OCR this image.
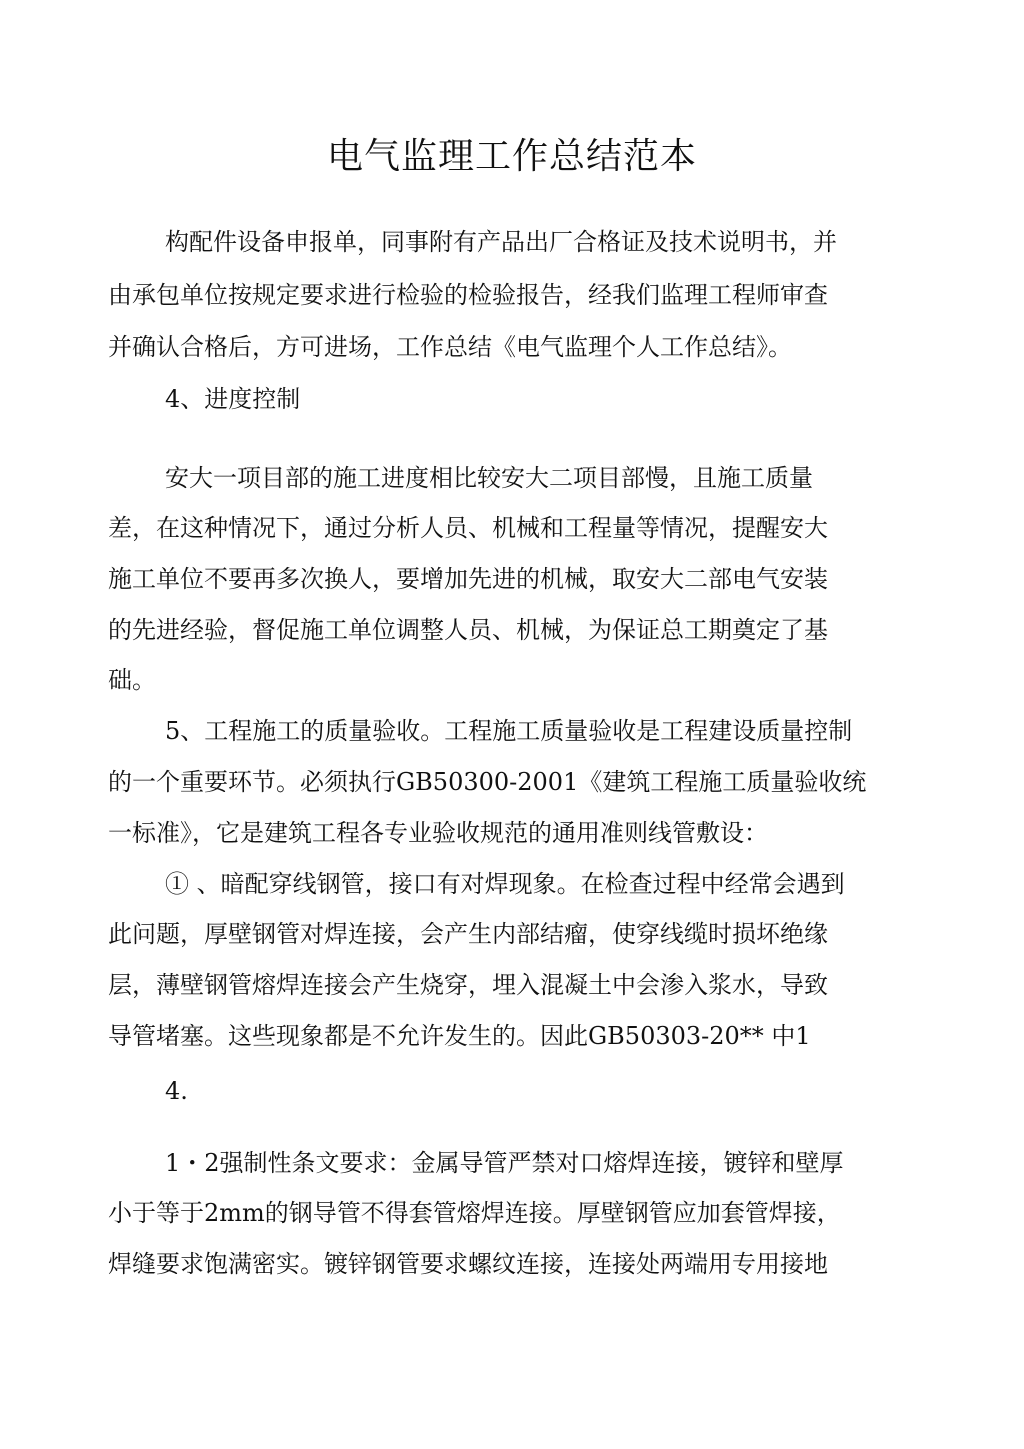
电气监理工作总结范本
构配件设备申报单，同事附有产品出厂合格证及技术说明书，并
由承包单位按规定要求进行检验的检验报告，经我们监理工程师审查
并确认合格后，方可进场，工作总结《电气监理个人工作总结》。
4、进度控制
安大一项目部的施工进度相比较安大二项目部慢，且施工质量
差，在这种情况下，通过分析人员、机械和工程量等情况，提醒安大
施工单位不要再多次换人，要增加先进的机械，取安大二部电气安装
的先进经验，督促施工单位调整人员、机械，为保证总工期奠定了基
础。
5、工程施工的质量验收。工程施工质量验收是工程建设质量控制
的一个重要环节。必须执行GB50300-2001《建筑工程施工质量验收统
一标准》，它是建筑工程各专业验收规范的通用准则线管敷设：
① 、暗配穿线钢管，接口有对焊现象。在检查过程中经常会遇到
此问题，厚壁钢管对焊连接，会产生内部结瘤，使穿线缆时损坏绝缘
层，薄壁钢管熔焊连接会产生烧穿，埋入混凝土中会渗入浆水，导致
导管堵塞。这些现象都是不允许发生的。因此GB50303-20** 中1
4.
1・2强制性条文要求：金属导管严禁对口熔焊连接，镀锌和壁厚
小于等于2mm的钢导管不得套管熔焊连接。厚壁钢管应加套管焊接，
焊缝要求饱满密实。镀锌钢管要求螺纹连接，连接处两端用专用接地
